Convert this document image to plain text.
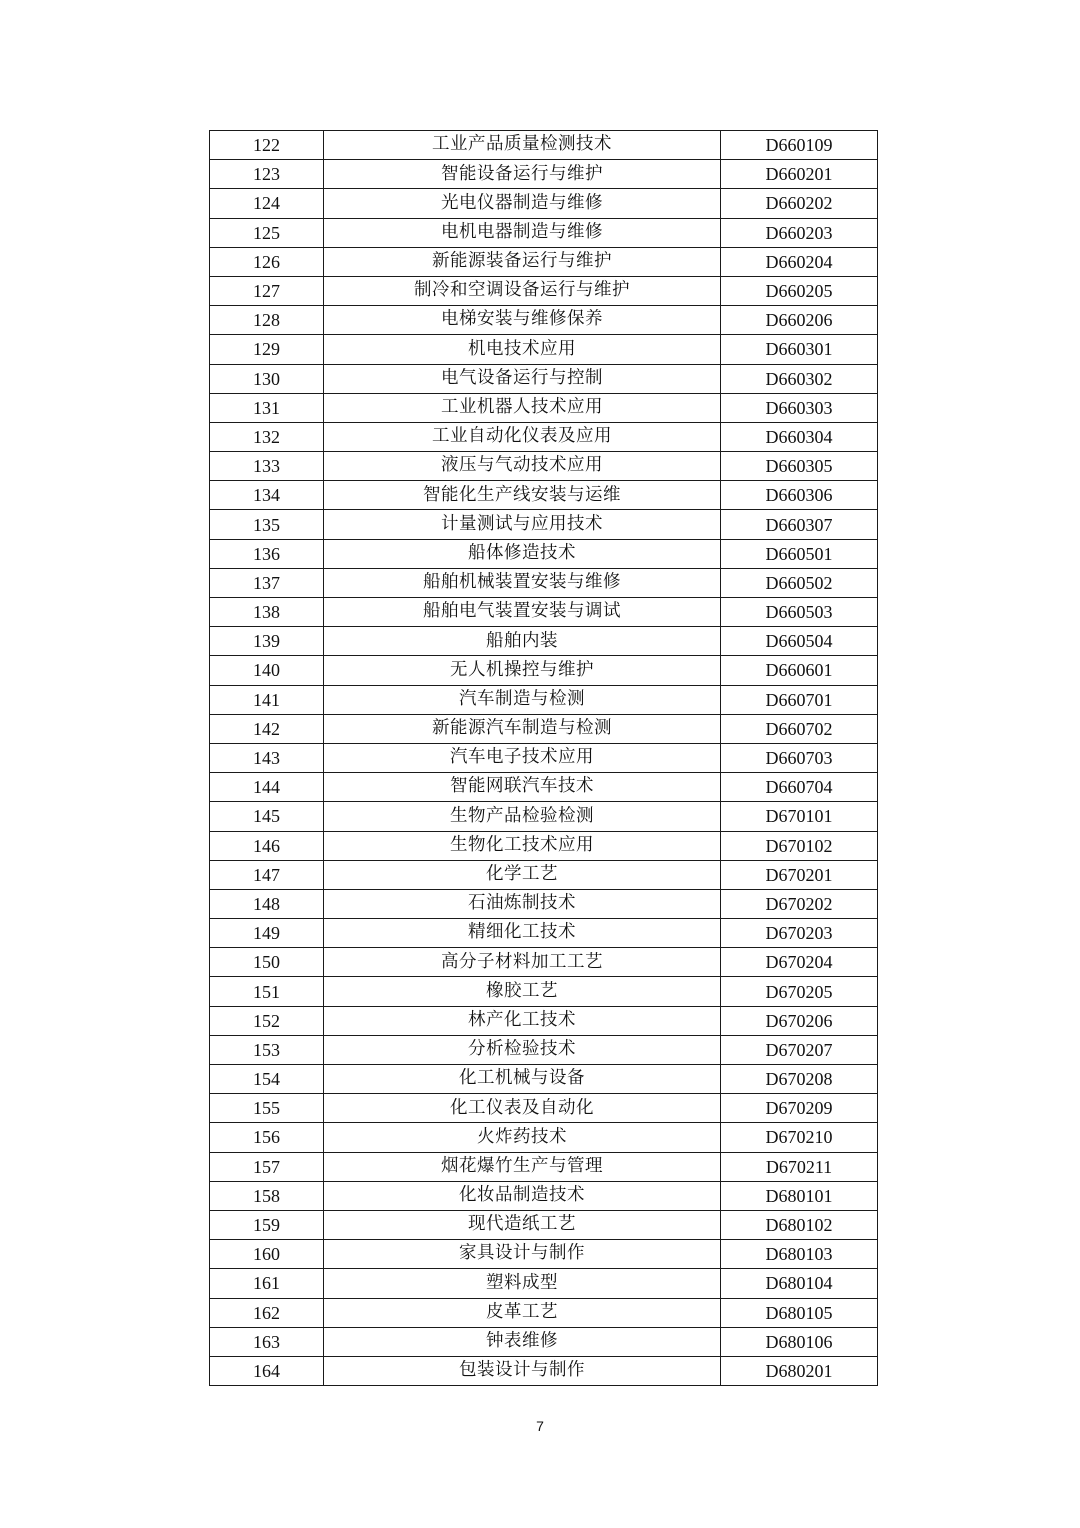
122	工业产品质量检测技术	D660109
123	智能设备运行与维护	D660201
124	光电仪器制造与维修	D660202
125	电机电器制造与维修	D660203
126	新能源装备运行与维护	D660204
127	制冷和空调设备运行与维护	D660205
128	电梯安装与维修保养	D660206
129	机电技术应用	D660301
130	电气设备运行与控制	D660302
131	工业机器人技术应用	D660303
132	工业自动化仪表及应用	D660304
133	液压与气动技术应用	D660305
134	智能化生产线安装与运维	D660306
135	计量测试与应用技术	D660307
136	船体修造技术	D660501
137	船舶机械装置安装与维修	D660502
138	船舶电气装置安装与调试	D660503
139	船舶内装	D660504
140	无人机操控与维护	D660601
141	汽车制造与检测	D660701
142	新能源汽车制造与检测	D660702
143	汽车电子技术应用	D660703
144	智能网联汽车技术	D660704
145	生物产品检验检测	D670101
146	生物化工技术应用	D670102
147	化学工艺	D670201
148	石油炼制技术	D670202
149	精细化工技术	D670203
150	高分子材料加工工艺	D670204
151	橡胶工艺	D670205
152	林产化工技术	D670206
153	分析检验技术	D670207
154	化工机械与设备	D670208
155	化工仪表及自动化	D670209
156	火炸药技术	D670210
157	烟花爆竹生产与管理	D670211
158	化妆品制造技术	D680101
159	现代造纸工艺	D680102
160	家具设计与制作	D680103
161	塑料成型	D680104
162	皮革工艺	D680105
163	钟表维修	D680106
164	包装设计与制作	D680201
7
